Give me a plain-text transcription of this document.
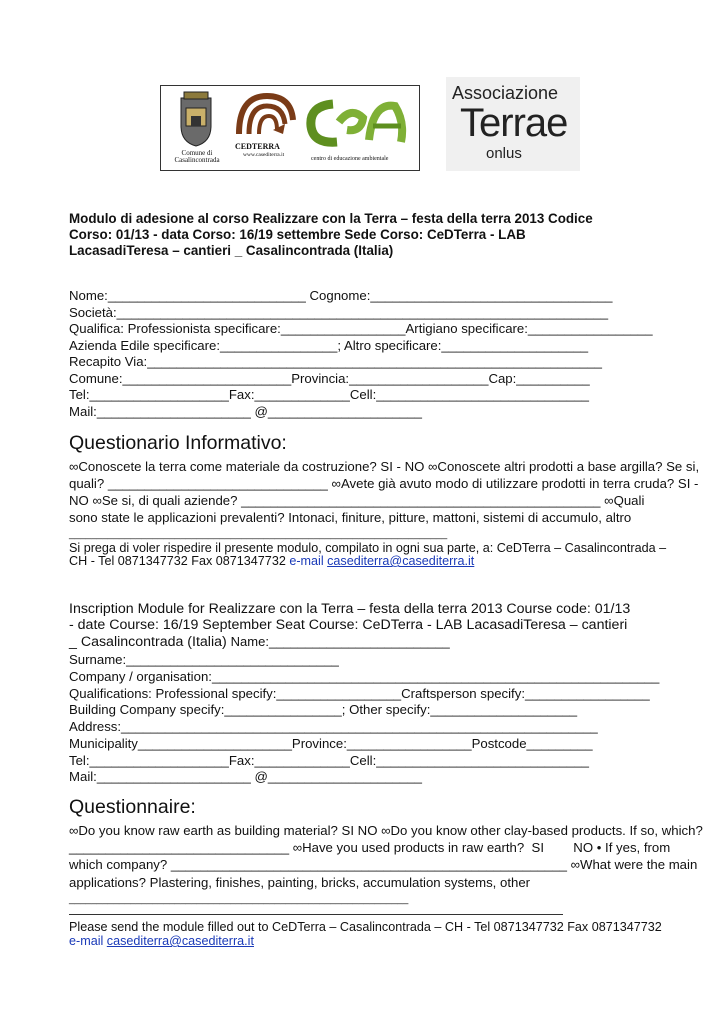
Comune di Casalincontrada
CEDTERRA
www.casediterra.it
centro di educazione ambientale
Associazione
Terrae
onlus
Modulo di adesione al corso Realizzare con la Terra – festa della terra 2013 Codice
Corso: 01/13 - data Corso: 16/19 settembre Sede Corso: CeDTerra - LAB
LacasadiTeresa – cantieri _ Casalincontrada (Italia)
Nome:___________________________ Cognome:_________________________________
Società:___________________________________________________________________
Qualifica: Professionista specificare:_________________Artigiano specificare:_________________
Azienda Edile specificare:________________; Altro specificare:____________________
Recapito Via:______________________________________________________________
Comune:_______________________Provincia:___________________Cap:__________
Tel:___________________Fax:_____________Cell:_____________________________
Mail:_____________________ @_____________________
Questionario Informativo:
∞Conoscete la terra come materiale da costruzione? SI - NO ∞Conoscete altri prodotti a base argilla? Se si,
quali? ______________________________ ∞Avete già avuto modo di utilizzare prodotti in terra cruda? SI -
NO ∞Se si, di quali aziende? _________________________________________________ ∞Quali
sono state le applicazioni prevalenti? Intonaci, finiture, pitture, mattoni, sistemi di accumulo, altro
____________________________________________________________________
Si prega di voler rispedire il presente modulo, compilato in ogni sua parte, a: CeDTerra – Casalincontrada –
CH - Tel 0871347732 Fax 0871347732 e-mail casediterra@casediterra.it
Inscription Module for Realizzare con la Terra – festa della terra 2013 Course code: 01/13
- date Course: 16/19 September Seat Course: CeDTerra - LAB LacasadiTeresa – cantieri
_ Casalincontrada (Italia) Name:_________________________
Surname:_____________________________
Company / organisation:_____________________________________________________________
Qualifications: Professional specify:_________________Craftsperson specify:_________________
Building Company specify:________________; Other specify:____________________
Address:_________________________________________________________________
Municipality_____________________Province:_________________Postcode_________
Tel:___________________Fax:_____________Cell:_____________________________
Mail:_____________________ @_____________________
Questionnaire:
∞Do you know raw earth as building material? SI NO ∞Do you know other clay-based products. If so, which?
______________________________ ∞Have you used products in raw earth?  SI        NO • If yes, from
which company? ______________________________________________________ ∞What were the main
applications? Plastering, finishes, painting, bricks, accumulation systems, other
_____________________________________________________________
Please send the module filled out to CeDTerra – Casalincontrada – CH - Tel 0871347732 Fax 0871347732
e-mail casediterra@casediterra.it
